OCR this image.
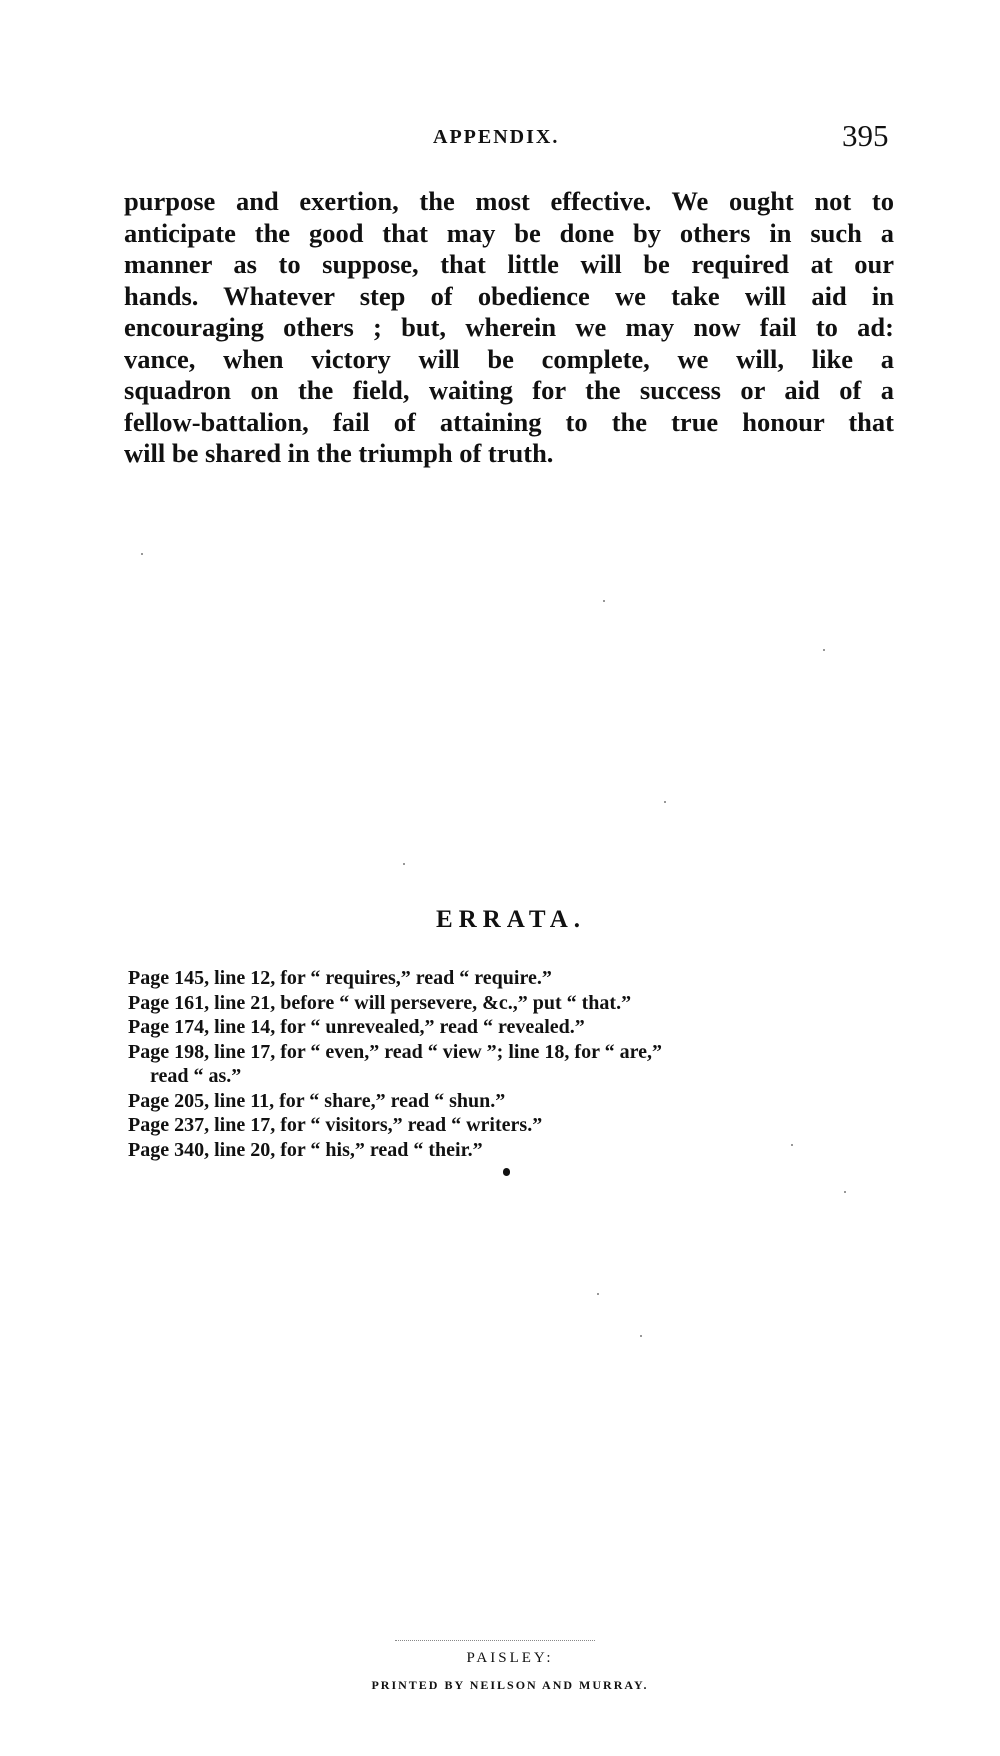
APPENDIX.	395
purpose and exertion, the most effective. We ought not to
anticipate the good that may be done by others in such a
manner as to suppose, that little will be required at our
hands. Whatever step of obedience we take will aid in
encouraging others ; but, wherein we may now fail to ad:
vance, when victory will be complete, we will, like a
squadron on the field, waiting for the success or aid of a
fellow-battalion, fail of attaining to the true honour that
will be shared in the triumph of truth.
ERRATA.
Page 145, line 12, for “ requires,” read “ require.”
Page 161, line 21, before “ will persevere, &c.,” put “ that.”
Page 174, line 14, for “ unrevealed,” read “ revealed.”
Page 198, line 17, for “ even,” read “ view ”; line 18, for “ are,”
read “ as.”
Page 205, line 11, for “ share,” read “ shun.”
Page 237, line 17, for “ visitors,” read “ writers.”
Page 340, line 20, for “ his,” read “ their.”
PAISLEY:
PRINTED BY NEILSON AND MURRAY.
